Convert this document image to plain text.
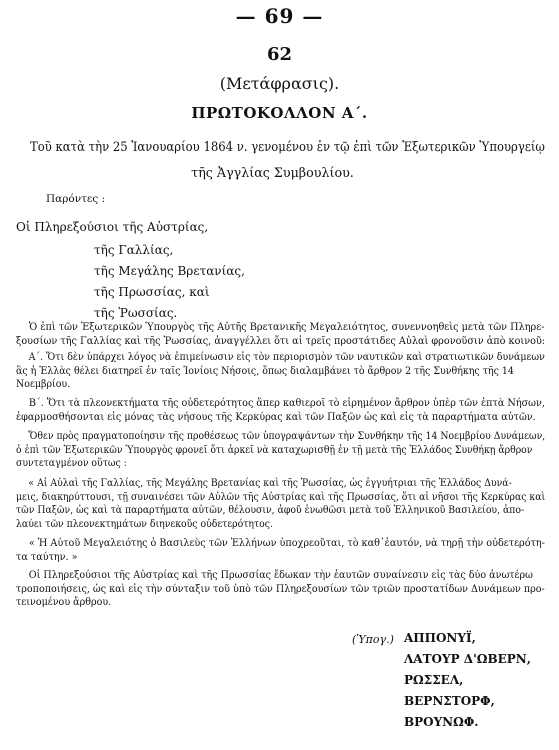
— 69 —
62
(Μετάφρασις).
ΠΡΩΤΟΚΟΛΛΟΝ Α΄.
Τοῦ κατὰ τὴν 25 Ἰανουαρίου 1864 ν. γενομένου ἐν τῷ ἐπὶ τῶν Ἐξωτερικῶν Ὑπουργείῳ
τῆς Ἀγγλίας Συμβουλίου.
Παρόντες :
Οἱ Πληρεξούσιοι τῆς Αὐστρίας,
τῆς Γαλλίας,
τῆς Μεγάλης Βρετανίας,
τῆς Πρωσσίας, καὶ
τῆς Ῥωσσίας.
Ὁ ἐπὶ τῶν Ἐξωτερικῶν Ὑπουργὸς τῆς Αὐτῆς Βρετανικῆς Μεγαλειότητος, συνεννοηθεὶς μετὰ τῶν Πληρε-
ξουσίων τῆς Γαλλίας καὶ τῆς Ῥωσσίας, ἀναγγέλλει ὅτι αἱ τρεῖς προστάτιδες Αὐλαὶ φρονοῦσιν ἀπὸ κοινοῦ:
Α΄. Ὅτι δὲν ὑπάρχει λόγος νὰ ἐπιμείνωσιν εἰς τὸν περιορισμὸν τῶν ναυτικῶν καὶ στρατιωτικῶν δυνάμεων
ἃς ἡ Ἑλλὰς θέλει διατηρεῖ ἐν ταῖς Ἰονίοις Νήσοις, ὅπως διαλαμβάνει τὸ ἄρθρον 2 τῆς Συνθήκης τῆς 14
Νοεμβρίου.
Β΄. Ὅτι τὰ πλεονεκτήματα τῆς οὐδετερότητος ἅπερ καθιεροῖ τὸ εἰρημένον ἄρθρον ὑπὲρ τῶν ἑπτὰ Νήσων,
ἐφαρμοσθήσονται εἰς μόνας τὰς νήσους τῆς Κερκύρας καὶ τῶν Παξῶν ὡς καὶ εἰς τὰ παραρτήματα αὐτῶν.
Ὅθεν πρὸς πραγματοποίησιν τῆς προθέσεως τῶν ὑπογραψάντων τὴν Συνθήκην τῆς 14 Νοεμβρίου Δυνάμεων,
ὁ ἐπὶ τῶν Ἐξωτερικῶν Ὑπουργὸς φρονεῖ ὅτι ἀρκεῖ νὰ καταχωρισθῇ ἐν τῇ μετὰ τῆς Ἑλλάδος Συνθήκῃ ἄρθρον
συντεταγμένον οὕτως :
« Αἱ Αὐλαὶ τῆς Γαλλίας, τῆς Μεγάλης Βρετανίας καὶ τῆς Ῥωσσίας, ὡς ἐγγυήτριαι τῆς Ἑλλάδος Δυνά-
μεις, διακηρύττουσι, τῇ συναινέσει τῶν Αὐλῶν τῆς Αὐστρίας καὶ τῆς Πρωσσίας, ὅτι αἱ νῆσοι τῆς Κερκύρας καὶ
τῶν Παξῶν, ὡς καὶ τὰ παραρτήματα αὐτῶν, θέλουσιν, ἀφοῦ ἑνωθῶσι μετὰ τοῦ Ἑλληνικοῦ Βασιλείου, ἀπο-
λαύει τῶν πλεονεκτημάτων διηνεκοῦς οὐδετερότητος.
« Ἡ Αὐτοῦ Μεγαλειότης ὁ Βασιλεὺς τῶν Ἑλλήνων ὑποχρεοῦται, τὸ καθ᾽ἑαυτόν, νὰ τηρῇ τὴν οὐδετερότη-
τα ταύτην. »
Οἱ Πληρεξούσιοι τῆς Αὐστρίας καὶ τῆς Πρωσσίας ἔδωκαν τὴν ἑαυτῶν συναίνεσιν εἰς τὰς δύο ἀνωτέρω
τροποποιήσεις, ὡς καὶ εἰς τὴν σύνταξιν τοῦ ὑπὸ τῶν Πληρεξουσίων τῶν τριῶν προστατίδων Δυνάμεων προ-
τεινομένου ἄρθρου.
(Ὑπογ.) ΑΠΠΟΝΥΪ,
ΛΑΤΟΥΡ Δ'ΩΒΕΡΝ,
ΡΩΣΣΕΛ,
ΒΕΡΝΣΤΟΡΦ,
ΒΡΟΥΝΩΦ.
